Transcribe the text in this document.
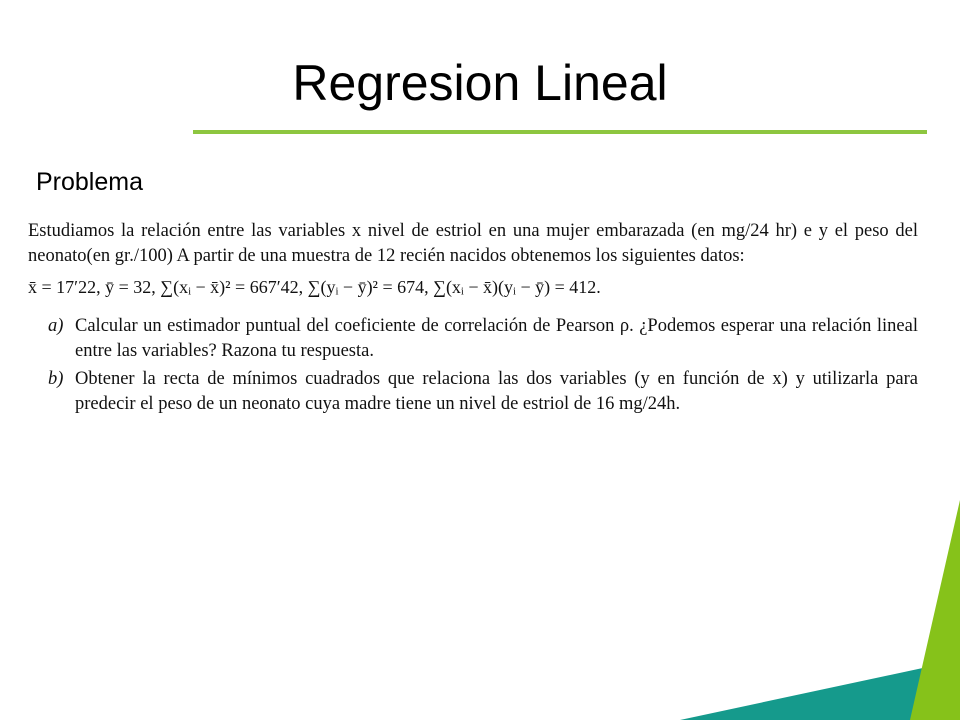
Regresion Lineal
Problema

Estudiamos la relación entre las variables x nivel de estriol en una mujer embarazada (en mg/24 hr) e y el peso del neonato(en gr./100) A partir de una muestra de 12 recién nacidos obtenemos los siguientes datos:

x̄ = 17′22, ȳ = 32, ∑(xᵢ − x̄)² = 667′42, ∑(yᵢ − ȳ)² = 674, ∑(xᵢ − x̄)(yᵢ − ȳ) = 412.

a) Calcular un estimador puntual del coeficiente de correlación de Pearson ρ. ¿Podemos esperar una relación lineal entre las variables? Razona tu respuesta.
b) Obtener la recta de mínimos cuadrados que relaciona las dos variables (y en función de x) y utilizarla para predecir el peso de un neonato cuya madre tiene un nivel de estriol de 16 mg/24h.
